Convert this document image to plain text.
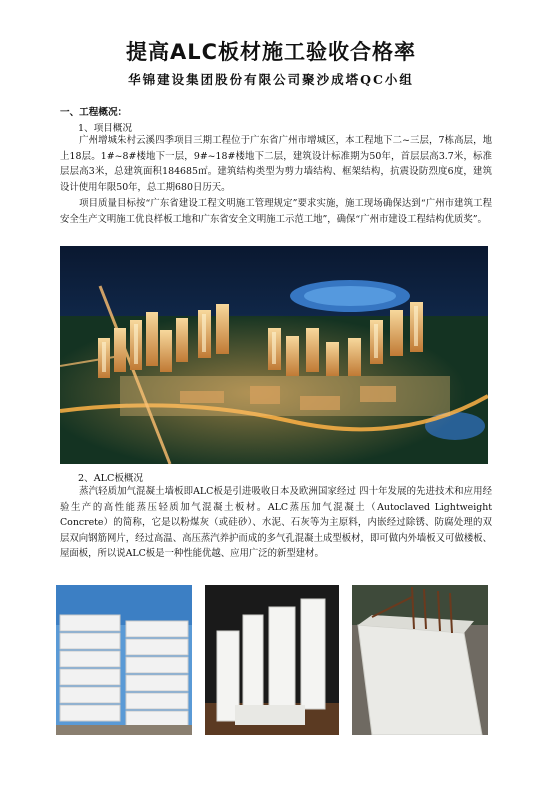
提高ALC板材施工验收合格率
华锦建设集团股份有限公司聚沙成塔QC小组
一、工程概况：
1、项目概况
广州增城朱村云溪四季项目三期工程位于广东省广州市增城区，本工程地下二~三层，7栋高层，地上18层。1#~8#楼地下一层，9#~18#楼地下二层，建筑设计标准期为50年，首层层高3.7米，标准层层高3米，总建筑面积184685㎡。建筑结构类型为剪力墙结构、框架结构，抗震设防烈度6度，建筑设计使用年限50年，总工期680日历天。
项目质量目标按“广东省建设工程文明施工管理规定”要求实施，施工现场确保达到“广州市建筑工程安全生产文明施工优良样板工地和广东省安全文明施工示范工地”，确保“广州市建设工程结构优质奖”。
2、ALC板概况
蒸汽轻质加气混凝土墙板即ALC板是引进吸收日本及欧洲国家经过 四十年发展的先进技术和应用经验生产的高性能蒸压轻质加气混凝土板材。ALC蒸压加气混凝土（Autoclaved Lightweight Concrete）的简称，它是以粉煤灰（或硅砂）、水泥、石灰等为主原料，内嵌经过除锈、防腐处理的双层双向钢筋网片，经过高温、高压蒸汽养护而成的多气孔混凝土成型板材，即可做内外墙板又可做楼板、屋面板，所以说ALC板是一种性能优越、应用广泛的新型建材。
